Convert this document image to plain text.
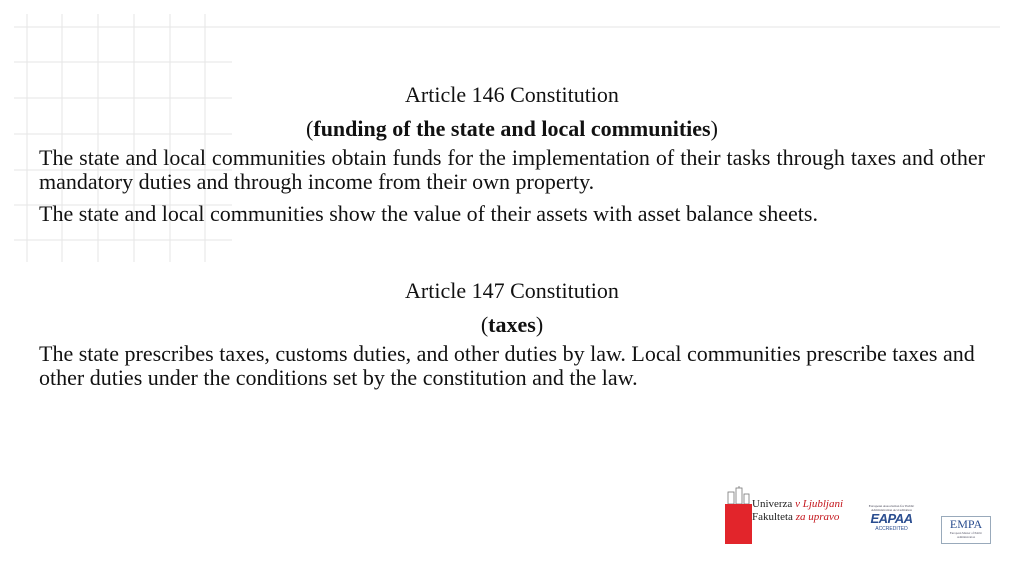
Article 146 Constitution
(funding of the state and local communities)

The state and local communities obtain funds for the implementation of their tasks through taxes and other mandatory duties and through income from their own property.

The state and local communities show the value of their assets with asset balance sheets.

Article 147 Constitution
(taxes)

The state prescribes taxes, customs duties, and other duties by law. Local communities prescribe taxes and other duties under the conditions set by the constitution and the law.

Univerza v Ljubljani
Fakulteta za upravo
European Association for Public Administration Accreditation
EAPAA
ACCREDITED	EMPA
European Master of Public Administration
